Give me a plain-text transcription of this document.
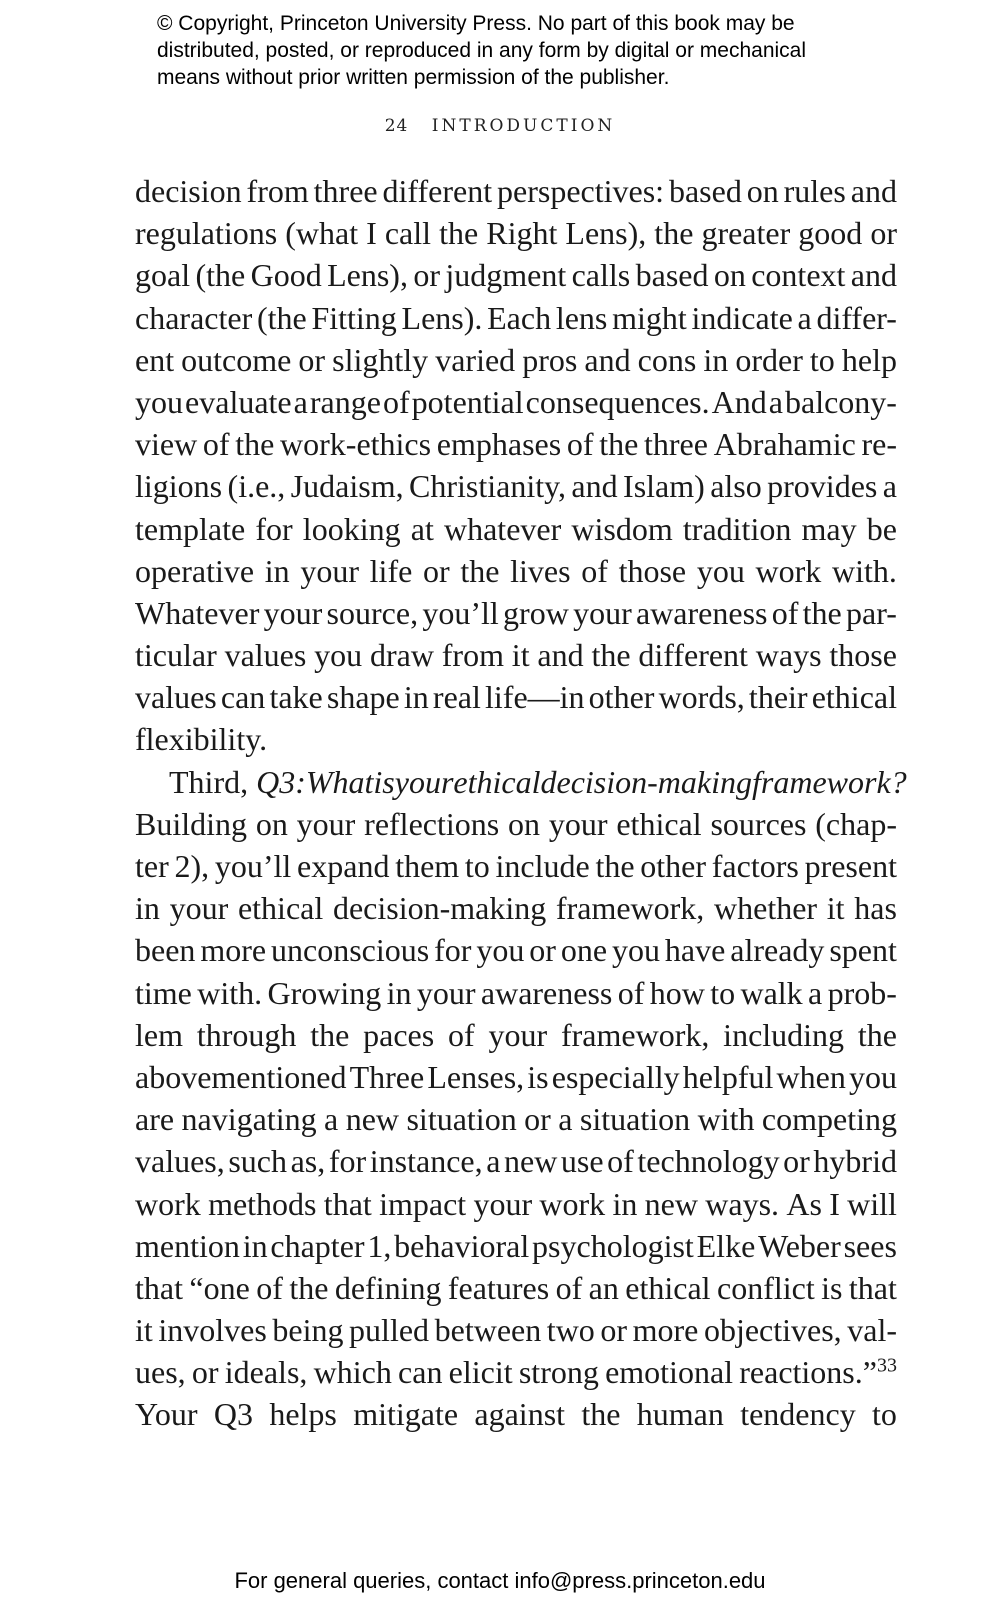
© Copyright, Princeton University Press. No part of this book may be
distributed, posted, or reproduced in any form by digital or mechanical
means without prior written permission of the publisher.
24 INTRODUCTION
decision from three different perspectives: based on rules and
regulations (what I call the Right Lens), the greater good or
goal (the Good Lens), or judgment calls based on context and
character (the Fitting Lens). Each lens might indicate a differ-
ent outcome or slightly varied pros and cons in order to help
you evaluate a range of potential consequences. And a balcony-
view of the work-ethics emphases of the three Abrahamic re-
ligions (i.e., Judaism, Christianity, and Islam) also provides a
template for looking at whatever wisdom tradition may be
operative in your life or the lives of those you work with.
Whatever your source, you’ll grow your awareness of the par-
ticular values you draw from it and the different ways those
values can take shape in real life—in other words, their ethical
flexibility.
Third, Q3: What is your ethical decision-making framework?
Building on your reflections on your ethical sources (chap-
ter 2), you’ll expand them to include the other factors present
in your ethical decision-making framework, whether it has
been more unconscious for you or one you have already spent
time with. Growing in your awareness of how to walk a prob-
lem through the paces of your framework, including the
abovementioned Three Lenses, is especially helpful when you
are navigating a new situation or a situation with competing
values, such as, for instance, a new use of technology or hybrid
work methods that impact your work in new ways. As I will
mention in chapter 1, behavioral psychologist Elke Weber sees
that “one of the defining features of an ethical conflict is that
it involves being pulled between two or more objectives, val-
ues, or ideals, which can elicit strong emotional reactions.”$^{33}$
Your Q3 helps mitigate against the human tendency to
For general queries, contact info@press.princeton.edu
